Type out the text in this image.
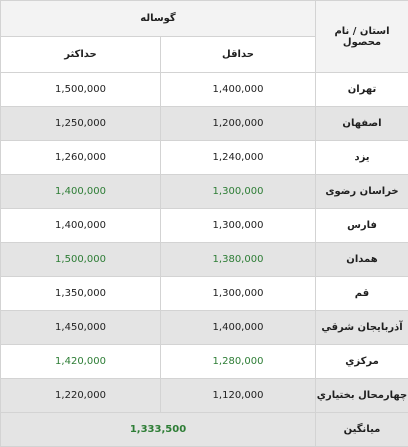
گوساله		استان / نام محصول
حداکثر	حداقل	
1,500,000	1,400,000	تهران
1,250,000	1,200,000	اصفهان
1,260,000	1,240,000	یزد
1,400,000	1,300,000	خراسان رضوی
1,400,000	1,300,000	فارس
1,500,000	1,380,000	همدان
1,350,000	1,300,000	قم
1,450,000	1,400,000	آذربایجان شرقي
1,420,000	1,280,000	مرکزي
1,220,000	1,120,000	چهارمحال بختياري
1,333,500		ميانگين
